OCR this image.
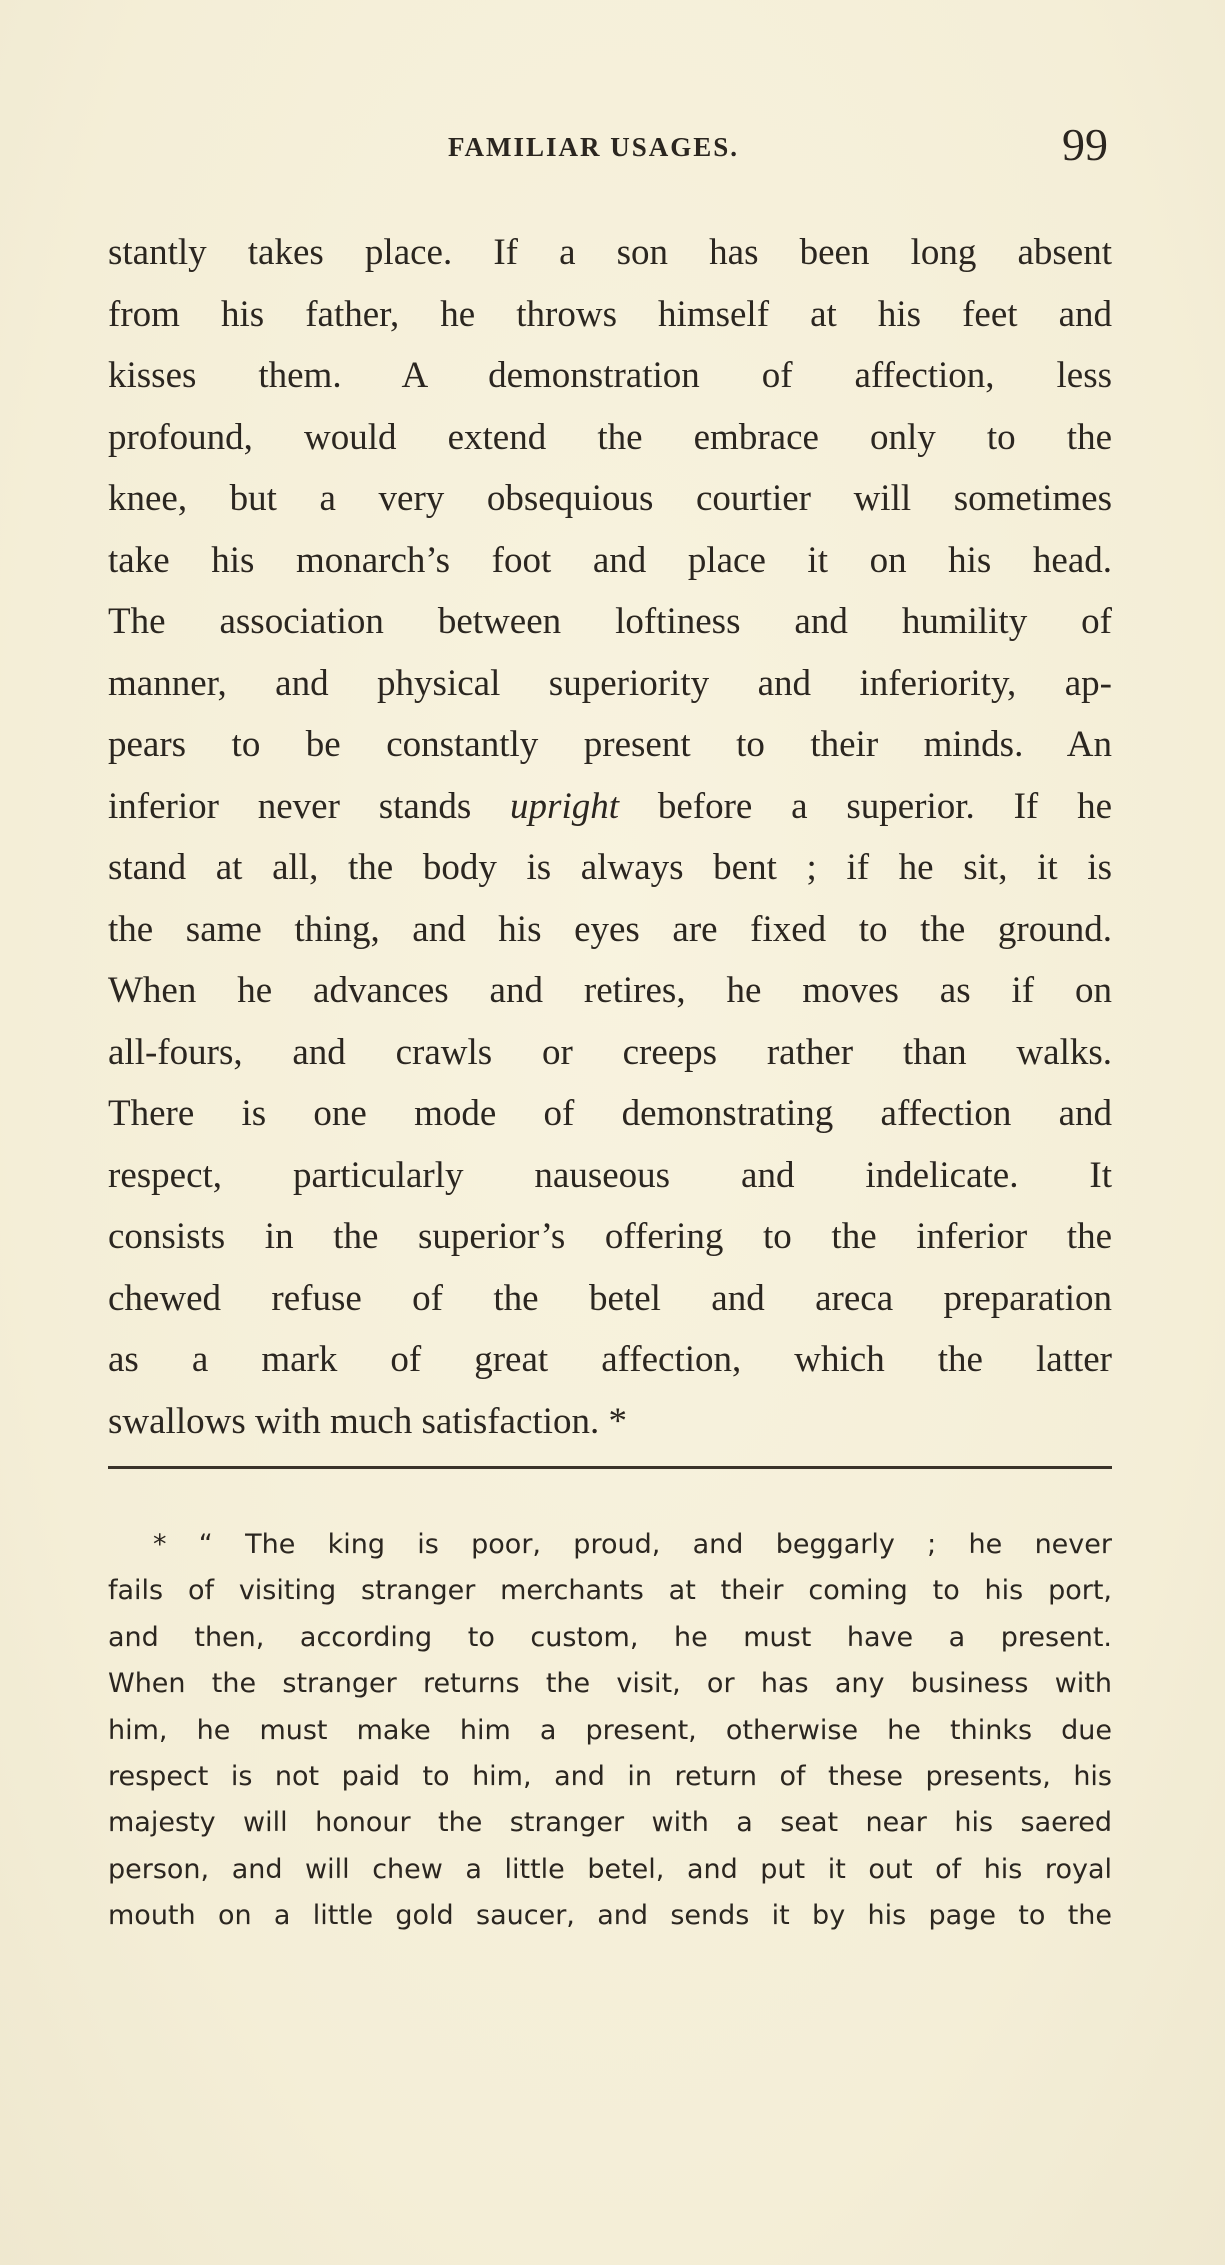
FAMILIAR USAGES.	99
stantly takes place. If a son has been long absent
from his father, he throws himself at his feet and
kisses them. A demonstration of affection, less
profound, would extend the embrace only to the
knee, but a very obsequious courtier will sometimes
take his monarch’s foot and place it on his head.
The association between loftiness and humility of
manner, and physical superiority and inferiority, ap-
pears to be constantly present to their minds. An
inferior never stands upright before a superior. If he
stand at all, the body is always bent ; if he sit, it is
the same thing, and his eyes are fixed to the ground.
When he advances and retires, he moves as if on
all-fours, and crawls or creeps rather than walks.
There is one mode of demonstrating affection and
respect, particularly nauseous and indelicate. It
consists in the superior’s offering to the inferior the
chewed refuse of the betel and areca preparation
as a mark of great affection, which the latter
swallows with much satisfaction. *
* “ The king is poor, proud, and beggarly ; he never
fails of visiting stranger merchants at their coming to his port,
and then, according to custom, he must have a present.
When the stranger returns the visit, or has any business with
him, he must make him a present, otherwise he thinks due
respect is not paid to him, and in return of these presents, his
majesty will honour the stranger with a seat near his saered
person, and will chew a little betel, and put it out of his royal
mouth on a little gold saucer, and sends it by his page to the
